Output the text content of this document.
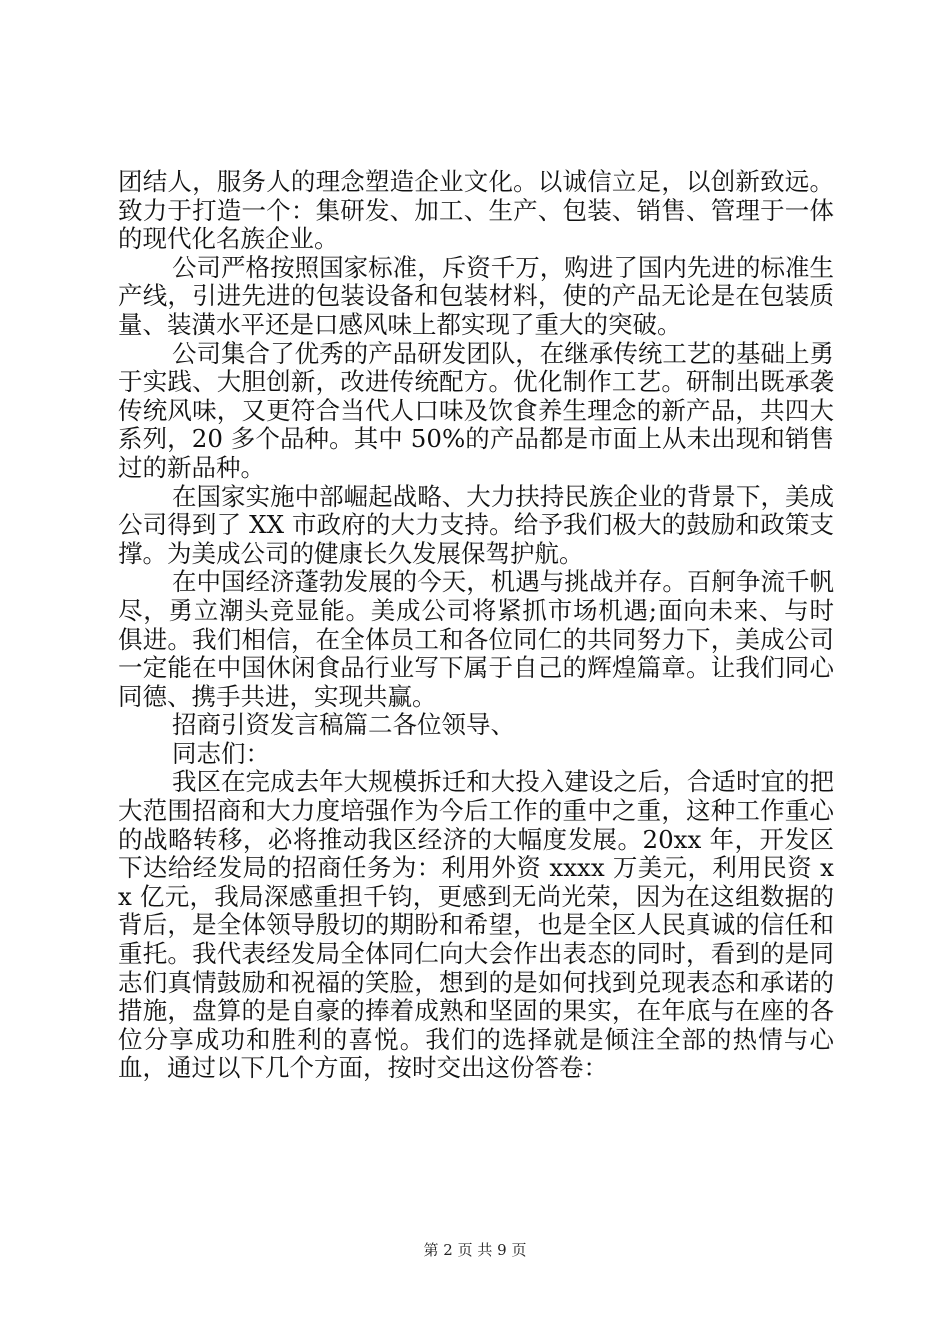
团结人，服务人的理念塑造企业文化。以诚信立足，以创新致远。致力于打造一个：集研发、加工、生产、包装、销售、管理于一体的现代化名族企业。

公司严格按照国家标准，斥资千万，购进了国内先进的标准生产线，引进先进的包装设备和包装材料，使的产品无论是在包装质量、装潢水平还是口感风味上都实现了重大的突破。

公司集合了优秀的产品研发团队，在继承传统工艺的基础上勇于实践、大胆创新，改进传统配方。优化制作工艺。研制出既承袭传统风味，又更符合当代人口味及饮食养生理念的新产品，共四大系列，20 多个品种。其中 50%的产品都是市面上从未出现和销售过的新品种。

在国家实施中部崛起战略、大力扶持民族企业的背景下，美成公司得到了 XX 市政府的大力支持。给予我们极大的鼓励和政策支撑。为美成公司的健康长久发展保驾护航。

在中国经济蓬勃发展的今天，机遇与挑战并存。百舸争流千帆尽，勇立潮头竞显能。美成公司将紧抓市场机遇;面向未来、与时俱进。我们相信，在全体员工和各位同仁的共同努力下，美成公司一定能在中国休闲食品行业写下属于自己的辉煌篇章。让我们同心同德、携手共进，实现共赢。

招商引资发言稿篇二各位领导、

同志们：

我区在完成去年大规模拆迁和大投入建设之后，合适时宜的把大范围招商和大力度培强作为今后工作的重中之重，这种工作重心的战略转移，必将推动我区经济的大幅度发展。20xx 年，开发区下达给经发局的招商任务为：利用外资 xxxx 万美元，利用民资 xx 亿元，我局深感重担千钧，更感到无尚光荣，因为在这组数据的背后，是全体领导殷切的期盼和希望，也是全区人民真诚的信任和重托。我代表经发局全体同仁向大会作出表态的同时，看到的是同志们真情鼓励和祝福的笑脸，想到的是如何找到兑现表态和承诺的措施，盘算的是自豪的捧着成熟和坚固的果实，在年底与在座的各位分享成功和胜利的喜悦。我们的选择就是倾注全部的热情与心血，通过以下几个方面，按时交出这份答卷：

第 2 页 共 9 页
